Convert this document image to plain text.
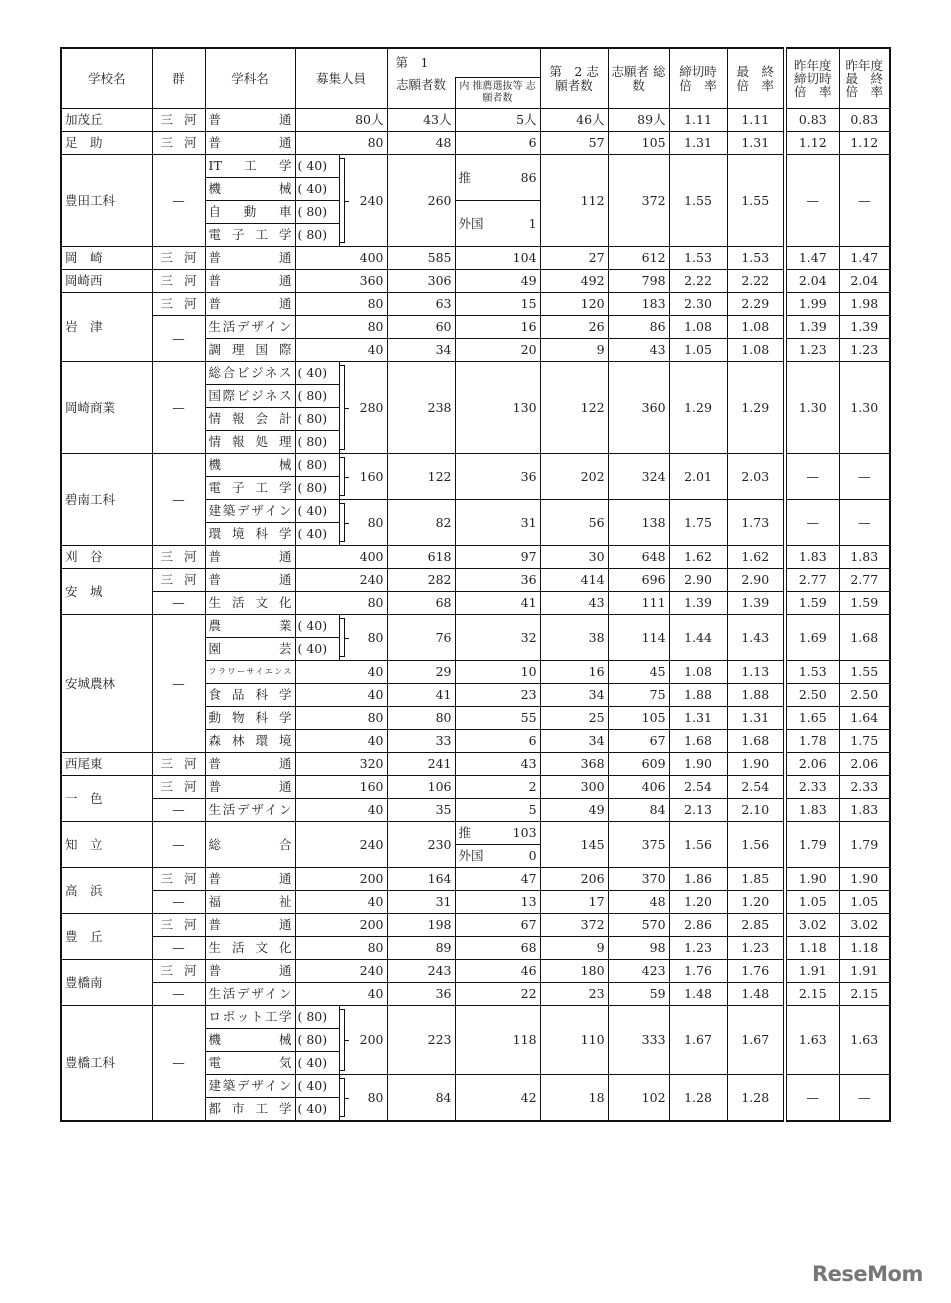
学校名	群	学科名	募集人員		第　1		第　2 志願者数	志願者 総　数	締切時 倍　率	最　終 倍　率	昨年度 締切時 倍　率	昨年度 最　終 倍　率
					志願者数	内 推薦選抜等 志願者数						
加茂丘	三河	普通	80人		43人	5人	46人	89人	1.11	1.11	0.83	0.83
足　助	三河	普通	80		48	6	57	105	1.31	1.31	1.12	1.12
豊田工科	—	IT工学	( 40)	240	260	推 86	112	372	1.55	1.55	—	—

		機械	( 40)									

		自動車	( 80)			外国 1						

		電子工学	( 80)									
岡　崎	三河	普通	400		585	104	27	612	1.53	1.53	1.47	1.47
岡崎西	三河	普通	360		306	49	492	798	2.22	2.22	2.04	2.04
岩　津	三河	普通	80		63	15	120	183	2.30	2.29	1.99	1.98
	—	生活デザイン	80		60	16	26	86	1.08	1.08	1.39	1.39

		調理国際	40		34	20	9	43	1.05	1.08	1.23	1.23
岡崎商業	—	総合ビジネス	( 40)	280	238	130	122	360	1.29	1.29	1.30	1.30

		国際ビジネス	( 80)									

		情報会計	( 80)									

		情報処理	( 80)									
碧南工科	—	機械	( 80)	160	122	36	202	324	2.01	2.03	—	—

		電子工学	( 80)									

		建築デザイン	( 40)	80	82	31	56	138	1.75	1.73	—	—

		環境科学	( 40)									
刈　谷	三河	普通	400		618	97	30	648	1.62	1.62	1.83	1.83
安　城	三河	普通	240		282	36	414	696	2.90	2.90	2.77	2.77
	—	生活文化	80		68	41	43	111	1.39	1.39	1.59	1.59
安城農林	—	農業	( 40)	80	76	32	38	114	1.44	1.43	1.69	1.68

		園芸	( 40)									

		フラワーサイエンス	40		29	10	16	45	1.08	1.13	1.53	1.55

		食品科学	40		41	23	34	75	1.88	1.88	2.50	2.50

		動物科学	80		80	55	25	105	1.31	1.31	1.65	1.64

		森林環境	40		33	6	34	67	1.68	1.68	1.78	1.75
西尾東	三河	普通	320		241	43	368	609	1.90	1.90	2.06	2.06
一　色	三河	普通	160		106	2	300	406	2.54	2.54	2.33	2.33
	—	生活デザイン	40		35	5	49	84	2.13	2.10	1.83	1.83
知　立	—	総合	240		230	推 103	145	375	1.56	1.56	1.79	1.79

						外国 0						

高　浜	三河	普通	200		164	47	206	370	1.86	1.85	1.90	1.90
	—	福祉	40		31	13	17	48	1.20	1.20	1.05	1.05
豊　丘	三河	普通	200		198	67	372	570	2.86	2.85	3.02	3.02
	—	生活文化	80		89	68	9	98	1.23	1.23	1.18	1.18
豊橋南	三河	普通	240		243	46	180	423	1.76	1.76	1.91	1.91
	—	生活デザイン	40		36	22	23	59	1.48	1.48	2.15	2.15
豊橋工科	—	ロボット工学	( 80)	200	223	118	110	333	1.67	1.67	1.63	1.63

		機械	( 80)									

		電気	( 40)									

		建築デザイン	( 40)	80	84	42	18	102	1.28	1.28	—	—

		都市工学	( 40)									
ReseMom
